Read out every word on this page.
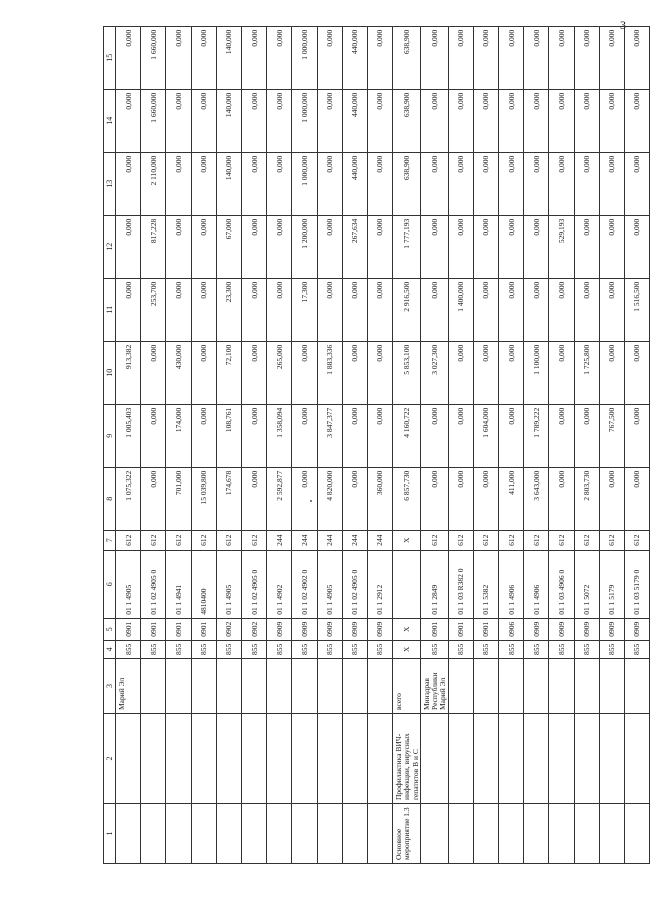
3
1	2	3	4	5	6	7	8	9	10	11	12	13	14	15
		Марий Эл	855	0901	01 1 4905	612	1 075,322	1 005,403	913,382	0,000	0,000	0,000	0,000	0,000
			855	0901	01 1 02 4905 0	612	0,000	0,000	0,000	253,700	817,228	2 110,000	1 660,000	1 660,000
			855	0901	01 1 4941	612	701,000	174,000	430,000	0,000	0,000	0,000	0,000	0,000
			855	0901	4810400	612	15 039,800	0,000	0,000	0,000	0,000	0,000	0,000	0,000
			855	0902	01 1 4905	612	174,678	108,761	72,100	23,300	67,000	140,000	140,000	140,000
			855	0902	01 1 02 4905 0	612	0,000	0,000	0,000	0,000	0,000	0,000	0,000	0,000
			855	0909	01 1 4902	244	2 592,877	1 358,094	265,000	0,000	0,000	0,000	0,000	0,000
			855	0909	01 1 02 4902 0	244	0,000	0,000	0,000	17,300	1 200,000	1 000,000	1 000,000	1 000,000
			855	0909	01 1 4905	244	4 820,000	3 847,377	1 883,336	0,000	0,000	0,000	0,000	0,000
			855	0909	01 1 02 4905 0	244	0,000	0,000	0,000	0,000	267,634	440,000	440,000	440,000
			855	0909	01 1 2912	244	360,000	0,000	0,000	0,000	0,000	0,000	0,000	0,000
Основное мероприятие 1.3	Профилактика ВИЧ-инфекции, вирусных гепатитов В и С	всего	X	X		X	6 857,730	4 160,722	5 853,100	2 916,500	1 777,193	638,900	638,900	638,900
		Минздрав Республики Марий Эл	855	0901	01 1 2849	612	0,000	0,000	3 027,300	0,000	0,000	0,000	0,000	0,000
			855	0901	01 1 03 R382 0	612	0,000	0,000	0,000	1 400,000	0,000	0,000	0,000	0,000
			855	0901	01 1 5382	612	0,000	1 604,000	0,000	0,000	0,000	0,000	0,000	0,000
			855	0906	01 1 4906	612	411,000	0,000	0,000	0,000	0,000	0,000	0,000	0,000
			855	0909	01 1 4906	612	3 643,000	1 789,222	1 100,000	0,000	0,000	0,000	0,000	0,000
			855	0909	01 1 03 4906 0	612	0,000	0,000	0,000	0,000	529,193	0,000	0,000	0,000
			855	0909	01 1 5072	612	2 803,730	0,000	1 725,800	0,000	0,000	0,000	0,000	0,000
			855	0909	01 1 5179	612	0,000	767,500	0,000	0,000	0,000	0,000	0,000	0,000
			855	0909	01 1 03 5179 0	612	0,000	0,000	0,000	1 516,500	0,000	0,000	0,000	0,000
